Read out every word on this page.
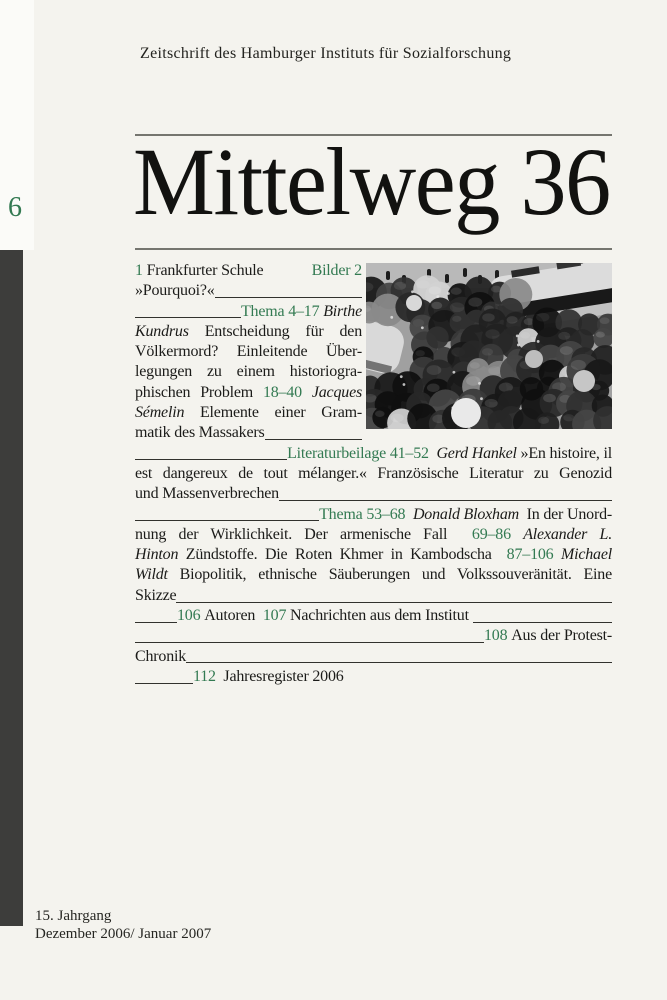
6
Zeitschrift des Hamburger Instituts für Sozialforschung
Mittelweg 36
1 Frankfurter Schule	Bilder 2
»Pourquoi?«
Thema 4–17 Birthe
Kundrus Entscheidung für den
Völkermord? Einleitende Über-
legungen zu einem historiogra-
phischen Problem 18–40 Jacques
Sémelin Elemente einer Gram-
matik des Massakers
Literaturbeilage 41–52 Gerd Hankel »En histoire, il
est dangereux de tout mélanger.« Französische Literatur zu Genozid
und Massenverbrechen
Thema 53–68 Donald Bloxham In der Unord-
nung der Wirklichkeit. Der armenische Fall  69–86 Alexander L.
Hinton Zündstoffe. Die Roten Khmer in Kambodscha  87–106 Michael
Wildt Biopolitik, ethnische Säuberungen und Volkssouveränität. Eine
Skizze
106 Autoren 107 Nachrichten aus dem Institut
108 Aus der Protest-
Chronik
112 Jahresregister 2006
15. Jahrgang
Dezember 2006/ Januar 2007
